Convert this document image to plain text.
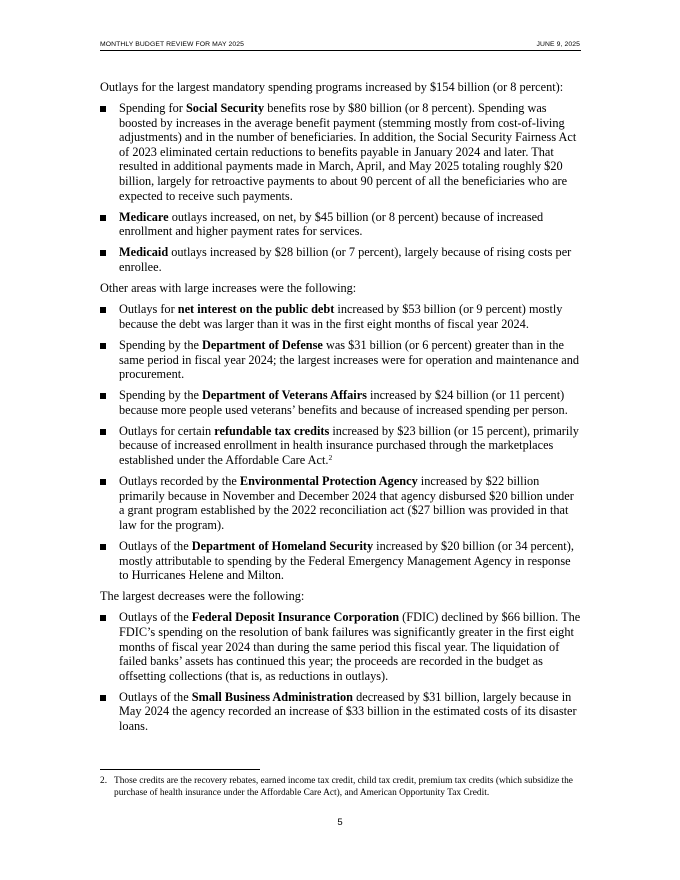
MONTHLY BUDGET REVIEW FOR MAY 2025	JUNE 9, 2025

Outlays for the largest mandatory spending programs increased by $154 billion (or 8 percent):

Spending for Social Security benefits rose by $80 billion (or 8 percent). Spending was boosted by increases in the average benefit payment (stemming mostly from cost-of-living adjustments) and in the number of beneficiaries. In addition, the Social Security Fairness Act of 2023 eliminated certain reductions to benefits payable in January 2024 and later. That resulted in additional payments made in March, April, and May 2025 totaling roughly $20 billion, largely for retroactive payments to about 90 percent of all the beneficiaries who are expected to receive such payments.
Medicare outlays increased, on net, by $45 billion (or 8 percent) because of increased enrollment and higher payment rates for services.
Medicaid outlays increased by $28 billion (or 7 percent), largely because of rising costs per enrollee.

Other areas with large increases were the following:

Outlays for net interest on the public debt increased by $53 billion (or 9 percent) mostly because the debt was larger than it was in the first eight months of fiscal year 2024.
Spending by the Department of Defense was $31 billion (or 6 percent) greater than in the same period in fiscal year 2024; the largest increases were for operation and maintenance and procurement.
Spending by the Department of Veterans Affairs increased by $24 billion (or 11 percent) because more people used veterans’ benefits and because of increased spending per person.
Outlays for certain refundable tax credits increased by $23 billion (or 15 percent), primarily because of increased enrollment in health insurance purchased through the marketplaces established under the Affordable Care Act.$^2$
Outlays recorded by the Environmental Protection Agency increased by $22 billion primarily because in November and December 2024 that agency disbursed $20 billion under a grant program established by the 2022 reconciliation act ($27 billion was provided in that law for the program).
Outlays of the Department of Homeland Security increased by $20 billion (or 34 percent), mostly attributable to spending by the Federal Emergency Management Agency in response to Hurricanes Helene and Milton.

The largest decreases were the following:

Outlays of the Federal Deposit Insurance Corporation (FDIC) declined by $66 billion. The FDIC’s spending on the resolution of bank failures was significantly greater in the first eight months of fiscal year 2024 than during the same period this fiscal year. The liquidation of failed banks’ assets has continued this year; the proceeds are recorded in the budget as offsetting collections (that is, as reductions in outlays).
Outlays of the Small Business Administration decreased by $31 billion, largely because in May 2024 the agency recorded an increase of $33 billion in the estimated costs of its disaster loans.
2. Those credits are the recovery rebates, earned income tax credit, child tax credit, premium tax credits (which subsidize the purchase of health insurance under the Affordable Care Act), and American Opportunity Tax Credit.
5
